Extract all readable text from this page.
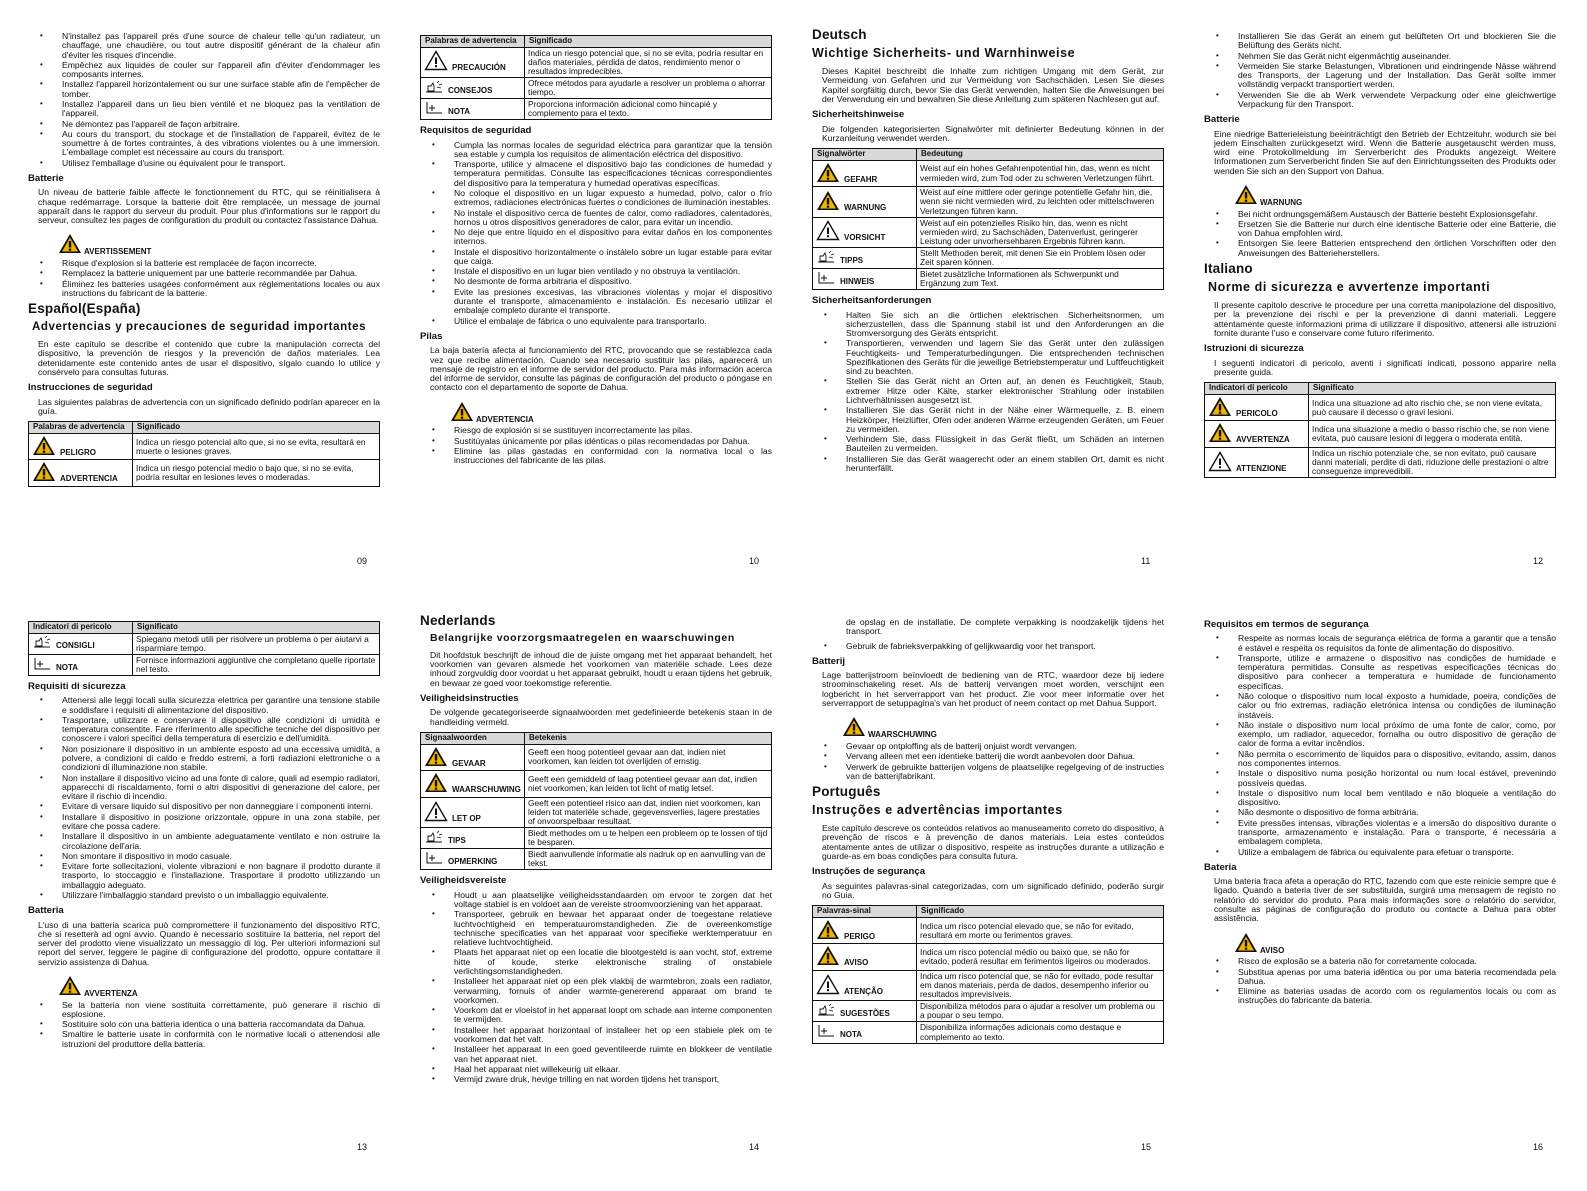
• N'installez pas l'appareil près d'une source de chaleur telle qu'un radiateur, un chauffage, une chaudière, ou tout autre dispositif générant de la chaleur afin d'éviter les risques d'incendie.
• Empêchez aux liquides de couler sur l'appareil afin d'éviter d'endommager les composants internes.
• Installez l'appareil horizontalement ou sur une surface stable afin de l'empêcher de tomber.
• Installez l'appareil dans un lieu bien ventilé et ne bloquez pas la ventilation de l'appareil.
• Ne démontez pas l'appareil de façon arbitraire.
• Au cours du transport, du stockage et de l'installation de l'appareil, évitez de le soumettre à de fortes contraintes, à des vibrations violentes ou à une immersion. L'emballage complet est nécessaire au cours du transport.
• Utilisez l'emballage d'usine ou équivalent pour le transport.
Batterie

Un niveau de batterie faible affecte le fonctionnement du RTC, qui se réinitialisera à chaque redémarrage. Lorsque la batterie doit être remplacée, un message de journal apparaît dans le rapport du serveur du produit. Pour plus d'informations sur le rapport du serveur, consultez les pages de configuration du produit ou contactez l'assistance Dahua.

AVERTISSEMENT
• Risque d'explosion si la batterie est remplacée de façon incorrecte.
• Remplacez la batterie uniquement par une batterie recommandée par Dahua.
• Éliminez les batteries usagées conformément aux réglementations locales ou aux instructions du fabricant de la batterie.
Español(España)
Advertencias y precauciones de seguridad importantes

En este capítulo se describe el contenido que cubre la manipulación correcta del dispositivo, la prevención de riesgos y la prevención de daños materiales. Lea detenidamente este contenido antes de usar el dispositivo, sígalo cuando lo utilice y consérvelo para consultas futuras.

Instrucciones de seguridad

Las siguientes palabras de advertencia con un significado definido podrían aparecer en la guía.

Palabras de advertencia	Significado

PELIGRO	Indica un riesgo potencial alto que, si no se evita, resultará en muerte o lesiones graves.

ADVERTENCIA	Indica un riesgo potencial medio o bajo que, si no se evita, podría resultar en lesiones leves o moderadas.
09
Palabras de advertencia	Significado

PRECAUCIÓN	Indica un riesgo potencial que, si no se evita, podría resultar en daños materiales, pérdida de datos, rendimiento menor o resultados impredecibles.

CONSEJOS	Ofrece métodos para ayudarle a resolver un problema o ahorrar tiempo.

NOTA	Proporciona información adicional como hincapié y complemento para el texto.
Requisitos de seguridad
• Cumpla las normas locales de seguridad eléctrica para garantizar que la tensión sea estable y cumpla los requisitos de alimentación eléctrica del dispositivo.
• Transporte, utilice y almacene el dispositivo bajo las condiciones de humedad y temperatura permitidas. Consulte las especificaciones técnicas correspondientes del dispositivo para la temperatura y humedad operativas específicas.
• No coloque el dispositivo en un lugar expuesto a humedad, polvo, calor o frío extremos, radiaciones electrónicas fuertes o condiciones de iluminación inestables.
• No instale el dispositivo cerca de fuentes de calor, como radiadores, calentadores, hornos u otros dispositivos generadores de calor, para evitar un incendio.
• No deje que entre líquido en el dispositivo para evitar daños en los componentes internos.
• Instale el dispositivo horizontalmente o instálelo sobre un lugar estable para evitar que caiga.
• Instale el dispositivo en un lugar bien ventilado y no obstruya la ventilación.
• No desmonte de forma arbitraria el dispositivo.
• Evite las presiones excesivas, las vibraciones violentas y mojar el dispositivo durante el transporte, almacenamiento e instalación. Es necesario utilizar el embalaje completo durante el transporte.
• Utilice el embalaje de fábrica o uno equivalente para transportarlo.
Pilas

La baja batería afecta al funcionamiento del RTC, provocando que se restablezca cada vez que recibe alimentación. Cuando sea necesario sustituir las pilas, aparecerá un mensaje de registro en el informe de servidor del producto. Para más información acerca del informe de servidor, consulte las páginas de configuración del producto o póngase en contacto con el departamento de soporte de Dahua.

ADVERTENCIA
• Riesgo de explosión si se sustituyen incorrectamente las pilas.
• Sustitúyalas únicamente por pilas idénticas o pilas recomendadas por Dahua.
• Elimine las pilas gastadas en conformidad con la normativa local o las instrucciones del fabricante de las pilas.
10
Deutsch
Wichtige Sicherheits- und Warnhinweise

Dieses Kapitel beschreibt die Inhalte zum richtigen Umgang mit dem Gerät, zur Vermeidung von Gefahren und zur Vermeidung von Sachschäden. Lesen Sie dieses Kapitel sorgfältig durch, bevor Sie das Gerät verwenden, halten Sie die Anweisungen bei der Verwendung ein und bewahren Sie diese Anleitung zum späteren Nachlesen gut auf.

Sicherheitshinweise

Die folgenden kategorisierten Signalwörter mit definierter Bedeutung können in der Kurzanleitung verwendet werden.

Signalwörter	Bedeutung

GEFAHR	Weist auf ein hohes Gefahrenpotential hin, das, wenn es nicht vermieden wird, zum Tod oder zu schweren Verletzungen führt.

WARNUNG	Weist auf eine mittlere oder geringe potentielle Gefahr hin, die, wenn sie nicht vermieden wird, zu leichten oder mittelschweren Verletzungen führen kann.

VORSICHT	Weist auf ein potenzielles Risiko hin, das, wenn es nicht vermieden wird, zu Sachschäden, Datenverlust, geringerer Leistung oder unvorhersehbaren Ergebnis führen kann.

TIPPS	Stellt Methoden bereit, mit denen Sie ein Problem lösen oder Zeit sparen können.

HINWEIS	Bietet zusätzliche Informationen als Schwerpunkt und Ergänzung zum Text.
Sicherheitsanforderungen
• Halten Sie sich an die örtlichen elektrischen Sicherheitsnormen, um sicherzustellen, dass die Spannung stabil ist und den Anforderungen an die Stromversorgung des Geräts entspricht.
• Transportieren, verwenden und lagern Sie das Gerät unter den zulässigen Feuchtigkeits- und Temperaturbedingungen. Die entsprechenden technischen Spezifikationen des Geräts für die jeweilige Betriebstemperatur und Luftfeuchtigkeit sind zu beachten.
• Stellen Sie das Gerät nicht an Orten auf, an denen es Feuchtigkeit, Staub, extremer Hitze oder Kälte, starker elektronischer Strahlung oder instabilen Lichtverhältnissen ausgesetzt ist.
• Installieren Sie das Gerät nicht in der Nähe einer Wärmequelle, z. B. einem Heizkörper, Heizlüfter, Ofen oder anderen Wärme erzeugenden Geräten, um Feuer zu vermeiden.
• Verhindern Sie, dass Flüssigkeit in das Gerät fließt, um Schäden an internen Bauteilen zu vermeiden.
• Installieren Sie das Gerät waagerecht oder an einem stabilen Ort, damit es nicht herunterfällt.
11
• Installieren Sie das Gerät an einem gut belüfteten Ort und blockieren Sie die Belüftung des Geräts nicht.
• Nehmen Sie das Gerät nicht eigenmächtig auseinander.
• Vermeiden Sie starke Belastungen, Vibrationen und eindringende Nässe während des Transports, der Lagerung und der Installation. Das Gerät sollte immer vollständig verpackt transportiert werden.
• Verwenden Sie die ab Werk verwendete Verpackung oder eine gleichwertige Verpackung für den Transport.
Batterie

Eine niedrige Batterieleistung beeinträchtigt den Betrieb der Echtzeituhr, wodurch sie bei jedem Einschalten zurückgesetzt wird. Wenn die Batterie ausgetauscht werden muss, wird eine Protokollmeldung im Serverbericht des Produkts angezeigt. Weitere Informationen zum Serverbericht finden Sie auf den Einrichtungsseiten des Produkts oder wenden Sie sich an den Support von Dahua.

WARNUNG
• Bei nicht ordnungsgemäßem Austausch der Batterie besteht Explosionsgefahr.
• Ersetzen Sie die Batterie nur durch eine identische Batterie oder eine Batterie, die von Dahua empfohlen wird.
• Entsorgen Sie leere Batterien entsprechend den örtlichen Vorschriften oder den Anweisungen des Batterieherstellers.
Italiano
Norme di sicurezza e avvertenze importanti

Il presente capitolo descrive le procedure per una corretta manipolazione del dispositivo, per la prevenzione dei rischi e per la prevenzione di danni materiali. Leggere attentamente queste informazioni prima di utilizzare il dispositivo, attenersi alle istruzioni fornite durante l'uso e conservare come futuro riferimento.

Istruzioni di sicurezza

I seguenti indicatori di pericolo, aventi i significati indicati, possono apparire nella presente guida.

Indicatori di pericolo	Significato

PERICOLO	Indica una situazione ad alto rischio che, se non viene evitata, può causare il decesso o gravi lesioni.

AVVERTENZA	Indica una situazione a medio o basso rischio che, se non viene evitata, può causare lesioni di leggera o moderata entità.

ATTENZIONE	Indica un rischio potenziale che, se non evitato, può causare danni materiali, perdite di dati, riduzione delle prestazioni o altre conseguenze imprevedibili.
12
Indicatori di pericolo	Significato

CONSIGLI	Spiegano metodi utili per risolvere un problema o per aiutarvi a risparmiare tempo.

NOTA	Fornisce informazioni aggiuntive che completano quelle riportate nel testo.
Requisiti di sicurezza
• Attenersi alle leggi locali sulla sicurezza elettrica per garantire una tensione stabile e soddisfare i requisiti di alimentazione del dispositivo.
• Trasportare, utilizzare e conservare il dispositivo alle condizioni di umidità e temperatura consentite. Fare riferimento alle specifiche tecniche del dispositivo per conoscere i valori specifici della temperatura di esercizio e dell'umidità.
• Non posizionare il dispositivo in un ambiente esposto ad una eccessiva umidità, a polvere, a condizioni di caldo e freddo estremi, a forti radiazioni elettroniche o a condizioni di illuminazione non stabile.
• Non installare il dispositivo vicino ad una fonte di calore, quali ad esempio radiatori, apparecchi di riscaldamento, forni o altri dispositivi di generazione del calore, per evitare il rischio di incendio.
• Evitare di versare liquido sul dispositivo per non danneggiare i componenti interni.
• Installare il dispositivo in posizione orizzontale, oppure in una zona stabile, per evitare che possa cadere.
• Installare il dispositivo in un ambiente adeguatamente ventilato e non ostruire la circolazione dell'aria.
• Non smontare il dispositivo in modo casuale.
• Evitare forte sollecitazioni, violente vibrazioni e non bagnare il prodotto durante il trasporto, lo stoccaggio e l'installazione. Trasportare il prodotto utilizzando un imballaggio adeguato.
• Utilizzare l'imballaggio standard previsto o un imballaggio equivalente.
Batteria

L'uso di una batteria scarica può compromettere il funzionamento del dispositivo RTC, che si resetterà ad ogni avvio. Quando è necessario sostituire la batteria, nel report del server del prodotto viene visualizzato un messaggio di log. Per ulteriori informazioni sul report del server, leggere le pagine di configurazione del prodotto, oppure contattare il servizio assistenza di Dahua.

AVVERTENZA
• Se la batteria non viene sostituita correttamente, può generare il rischio di esplosione.
• Sostituire solo con una batteria identica o una batteria raccomandata da Dahua.
• Smaltire le batterie usate in conformità con le normative locali o attenendosi alle istruzioni del produttore della batteria.
13
Nederlands
Belangrijke voorzorgsmaatregelen en waarschuwingen

Dit hoofdstuk beschrijft de inhoud die de juiste omgang met het apparaat behandelt, het voorkomen van gevaren alsmede het voorkomen van materiële schade. Lees deze inhoud zorgvuldig door voordat u het apparaat gebruikt, houdt u eraan tijdens het gebruik, en bewaar ze goed voor toekomstige referentie.

Veiligheidsinstructies

De volgende gecategoriseerde signaalwoorden met gedefinieerde betekenis staan in de handleiding vermeld.

Signaalwoorden	Betekenis

GEVAAR	Geeft een hoog potentieel gevaar aan dat, indien niet voorkomen, kan leiden tot overlijden of ernstig.

WAARSCHUWING	Geeft een gemiddeld of laag potentieel gevaar aan dat, indien niet voorkomen, kan leiden tot licht of matig letsel.

LET OP	Geeft een potentieel risico aan dat, indien niet voorkomen, kan leiden tot materiële schade, gegevensverlies, lagere prestaties of onvoorspelbaar resultaat.

TIPS	Biedt methodes om u te helpen een probleem op te lossen of tijd te besparen.

OPMERKING	Biedt aanvullende informatie als nadruk op en aanvulling van de tekst.
Veiligheidsvereiste
• Houdt u aan plaatselijke veiligheidsstandaarden om ervoor te zorgen dat het voltage stabiel is en voldoet aan de vereiste stroomvoorziening van het apparaat.
• Transporteer, gebruik en bewaar het apparaat onder de toegestane relatieve luchtvochtigheid en temperatuuromstandigheden. Zie de overeenkomstige technische specificaties van het apparaat voor specifieke werktemperatuur en relatieve luchtvochtigheid.
• Plaats het apparaat niet op een locatie die blootgesteld is aan vocht, stof, extreme hitte of koude, sterke elektronische straling of onstabiele verlichtingsomstandigheden.
• Installeer het apparaat niet op een plek vlakbij de warmtebron, zoals een radiator, verwarming, fornuis of ander warmte-genererend apparaat om brand te voorkomen.
• Voorkom dat er vloeistof in het apparaat loopt om schade aan interne componenten te vermijden.
• Installeer het apparaat horizontaal of installeer het op een stabiele plek om te voorkomen dat het valt.
• Installeer het apparaat in een goed geventileerde ruimte en blokkeer de ventilatie van het apparaat niet.
• Haal het apparaat niet willekeurig uit elkaar.
• Vermijd zware druk, hevige trilling en nat worden tijdens het transport,
14

de opslag en de installatie. De complete verpakking is noodzakelijk tijdens het transport.

• Gebruik de fabrieksverpakking of gelijkwaardig voor het transport.
Batterij

Lage batterijstroom beïnvloedt de bediening van de RTC, waardoor deze bij iedere stroominschakeling reset. Als de batterij vervangen moet worden, verschijnt een logbericht in het serverrapport van het product. Zie voor meer informatie over het serverrapport de setuppagina's van het product of neem contact op met Dahua Support.

WAARSCHUWING
• Gevaar op ontploffing als de batterij onjuist wordt vervangen.
• Vervang alleen met een identieke batterij die wordt aanbevolen door Dahua.
• Verwerk de gebruikte batterijen volgens de plaatselijke regelgeving of de instructies van de batterijfabrikant.
Português
Instruções e advertências importantes

Este capítulo descreve os conteúdos relativos ao manuseamento correto do dispositivo, à prevenção de riscos e à prevenção de danos materiais. Leia estes conteúdos atentamente antes de utilizar o dispositivo, respeite as instruções durante a utilização e guarde-as em boas condições para consulta futura.

Instruções de segurança

As seguintes palavras-sinal categorizadas, com um significado definido, poderão surgir no Guia.

Palavras-sinal	Significado

PERIGO	Indica um risco potencial elevado que, se não for evitado, resultará em morte ou ferimentos graves.

AVISO	Indica um risco potencial médio ou baixo que, se não for evitado, poderá resultar em ferimentos ligeiros ou moderados.

ATENÇÃO	Indica um risco potencial que, se não for evitado, pode resultar em danos materiais, perda de dados, desempenho inferior ou resultados imprevisíveis.

SUGESTÕES	Disponibiliza métodos para o ajudar a resolver um problema ou a poupar o seu tempo.

NOTA	Disponibiliza informações adicionais como destaque e complemento ao texto.
15
Requisitos em termos de segurança
• Respeite as normas locais de segurança elétrica de forma a garantir que a tensão é estável e respeita os requisitos da fonte de alimentação do dispositivo.
• Transporte, utilize e armazene o dispositivo nas condições de humidade e temperatura permitidas. Consulte as respetivas especificações técnicas do dispositivo para conhecer a temperatura e humidade de funcionamento específicas.
• Não coloque o dispositivo num local exposto a humidade, poeira, condições de calor ou frio extremas, radiação eletrónica intensa ou condições de iluminação instáveis.
• Não instale o dispositivo num local próximo de uma fonte de calor, como, por exemplo, um radiador, aquecedor, fornalha ou outro dispositivo de geração de calor de forma a evitar incêndios.
• Não permita o escorrimento de líquidos para o dispositivo, evitando, assim, danos nos componentes internos.
• Instale o dispositivo numa posição horizontal ou num local estável, prevenindo possíveis quedas.
• Instale o dispositivo num local bem ventilado e não bloqueie a ventilação do dispositivo.
• Não desmonte o dispositivo de forma arbitrária.
• Evite pressões intensas, vibrações violentas e a imersão do dispositivo durante o transporte, armazenamento e instalação. Para o transporte, é necessária a embalagem completa.
• Utilize a embalagem de fábrica ou equivalente para efetuar o transporte.
Bateria

Uma bateria fraca afeta a operação do RTC, fazendo com que este reinicie sempre que é ligado. Quando a bateria tiver de ser substituída, surgirá uma mensagem de registo no relatório do servidor do produto. Para mais informações sore o relatório do servidor, consulte as páginas de configuração do produto ou contacte a Dahua para obter assistência.

AVISO
• Risco de explosão se a bateria não for corretamente colocada.
• Substitua apenas por uma bateria idêntica ou por uma bateria recomendada pela Dahua.
• Elimine as baterias usadas de acordo com os regulamentos locais ou com as instruções do fabricante da bateria.
16
